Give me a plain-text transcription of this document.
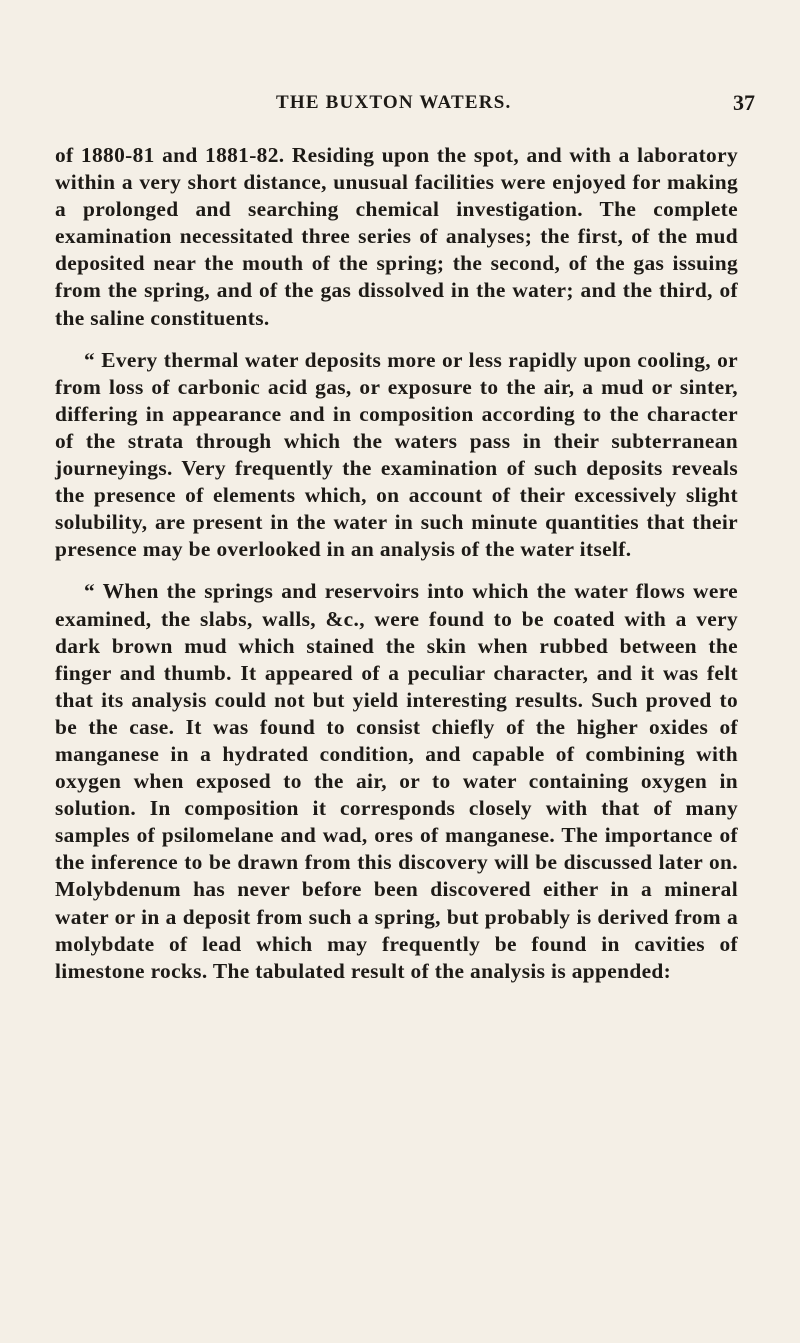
THE BUXTON WATERS.	37

of 1880-81 and 1881-82. Residing upon the spot, and with a laboratory within a very short distance, unusual facilities were enjoyed for making a prolonged and searching chemical investigation. The complete examination necessitated three series of analyses; the first, of the mud deposited near the mouth of the spring; the second, of the gas issuing from the spring, and of the gas dissolved in the water; and the third, of the saline constituents.

“ Every thermal water deposits more or less rapidly upon cooling, or from loss of carbonic acid gas, or exposure to the air, a mud or sinter, differing in appearance and in composition according to the character of the strata through which the waters pass in their subterranean journeyings. Very frequently the examination of such deposits reveals the presence of elements which, on account of their excessively slight solubility, are present in the water in such minute quantities that their presence may be overlooked in an analysis of the water itself.

“ When the springs and reservoirs into which the water flows were examined, the slabs, walls, &c., were found to be coated with a very dark brown mud which stained the skin when rubbed between the finger and thumb. It appeared of a peculiar character, and it was felt that its analysis could not but yield interesting results. Such proved to be the case. It was found to consist chiefly of the higher oxides of manganese in a hydrated condition, and capable of combining with oxygen when exposed to the air, or to water containing oxygen in solution. In composition it corresponds closely with that of many samples of psilomelane and wad, ores of manganese. The importance of the inference to be drawn from this discovery will be discussed later on. Molybdenum has never before been discovered either in a mineral water or in a deposit from such a spring, but probably is derived from a molybdate of lead which may frequently be found in cavities of limestone rocks. The tabulated result of the analysis is appended:
